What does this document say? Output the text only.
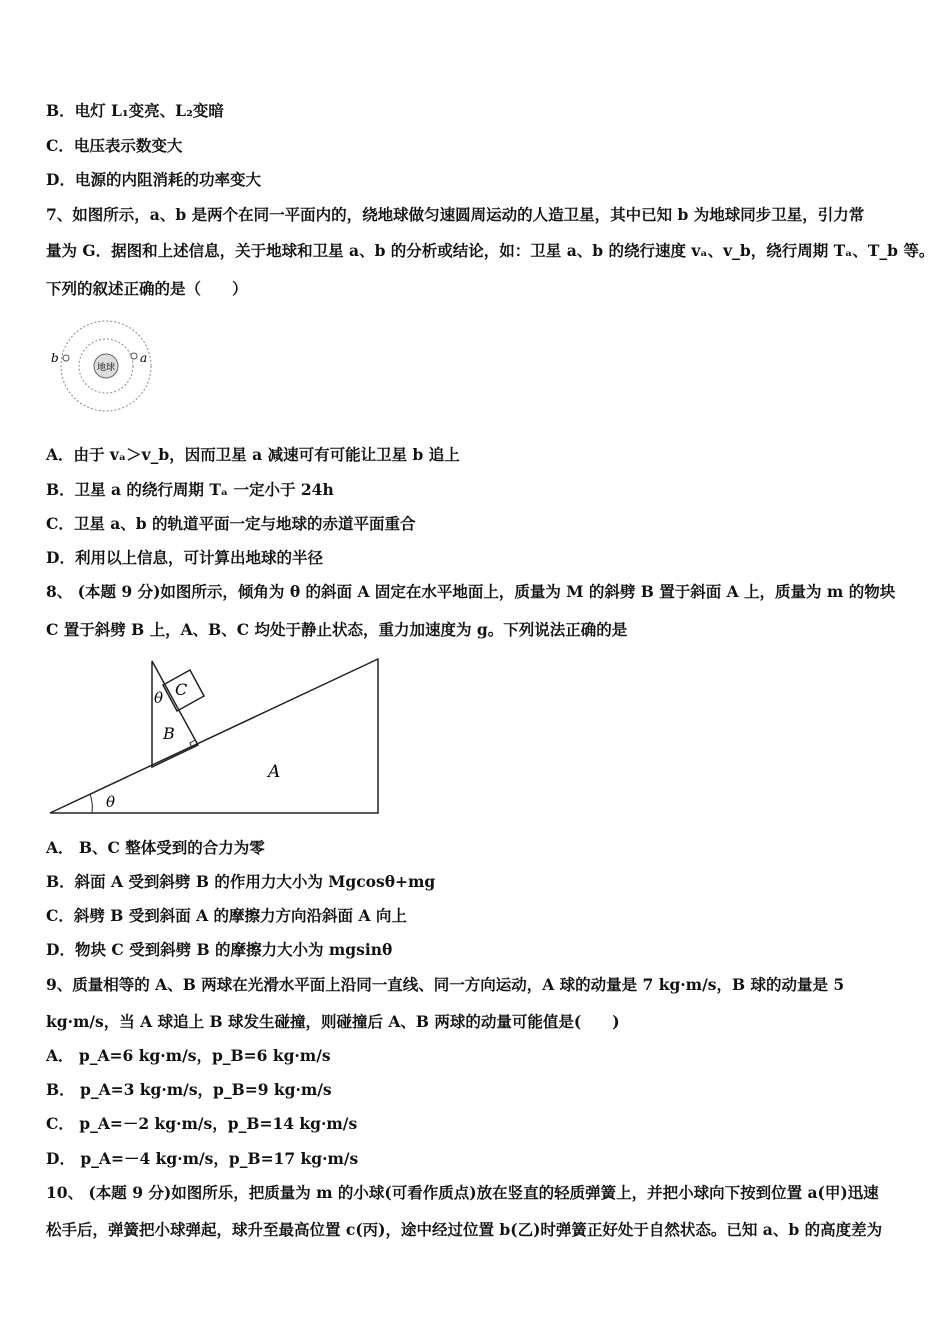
B．电灯 L₁变亮、L₂变暗
C．电压表示数变大
D．电源的内阻消耗的功率变大
7、如图所示，a、b 是两个在同一平面内的，绕地球做匀速圆周运动的人造卫星，其中已知 b 为地球同步卫星，引力常
量为 G．据图和上述信息，关于地球和卫星 a、b 的分析或结论，如：卫星 a、b 的绕行速度 vₐ、v_b，绕行周期 Tₐ、T_b 等。
下列的叙述正确的是（　　）
地球
a
b
A．由于 vₐ＞v_b，因而卫星 a 减速可有可能让卫星 b 追上
B．卫星 a 的绕行周期 Tₐ 一定小于 24h
C．卫星 a、b 的轨道平面一定与地球的赤道平面重合
D．利用以上信息，可计算出地球的半径
8、 (本题 9 分)如图所示，倾角为 θ 的斜面 A 固定在水平地面上，质量为 M 的斜劈 B 置于斜面 A 上，质量为 m 的物块
C 置于斜劈 B 上，A、B、C 均处于静止状态，重力加速度为 g。下列说法正确的是
θ
C
B
θ
A
A． B、C 整体受到的合力为零
B．斜面 A 受到斜劈 B 的作用力大小为 Mgcosθ+mg
C．斜劈 B 受到斜面 A 的摩擦力方向沿斜面 A 向上
D．物块 C 受到斜劈 B 的摩擦力大小为 mgsinθ
9、质量相等的 A、B 两球在光滑水平面上沿同一直线、同一方向运动，A 球的动量是 7 kg·m/s，B 球的动量是 5
kg·m/s，当 A 球追上 B 球发生碰撞，则碰撞后 A、B 两球的动量可能值是(　　)
A． p_A=6 kg·m/s，p_B=6 kg·m/s
B． p_A=3 kg·m/s，p_B=9 kg·m/s
C． p_A=－2 kg·m/s，p_B=14 kg·m/s
D． p_A=－4 kg·m/s，p_B=17 kg·m/s
10、 (本题 9 分)如图所乐，把质量为 m 的小球(可看作质点)放在竖直的轻质弹簧上，并把小球向下按到位置 a(甲)迅速
松手后，弹簧把小球弹起，球升至最高位置 c(丙)，途中经过位置 b(乙)时弹簧正好处于自然状态。已知 a、b 的高度差为
